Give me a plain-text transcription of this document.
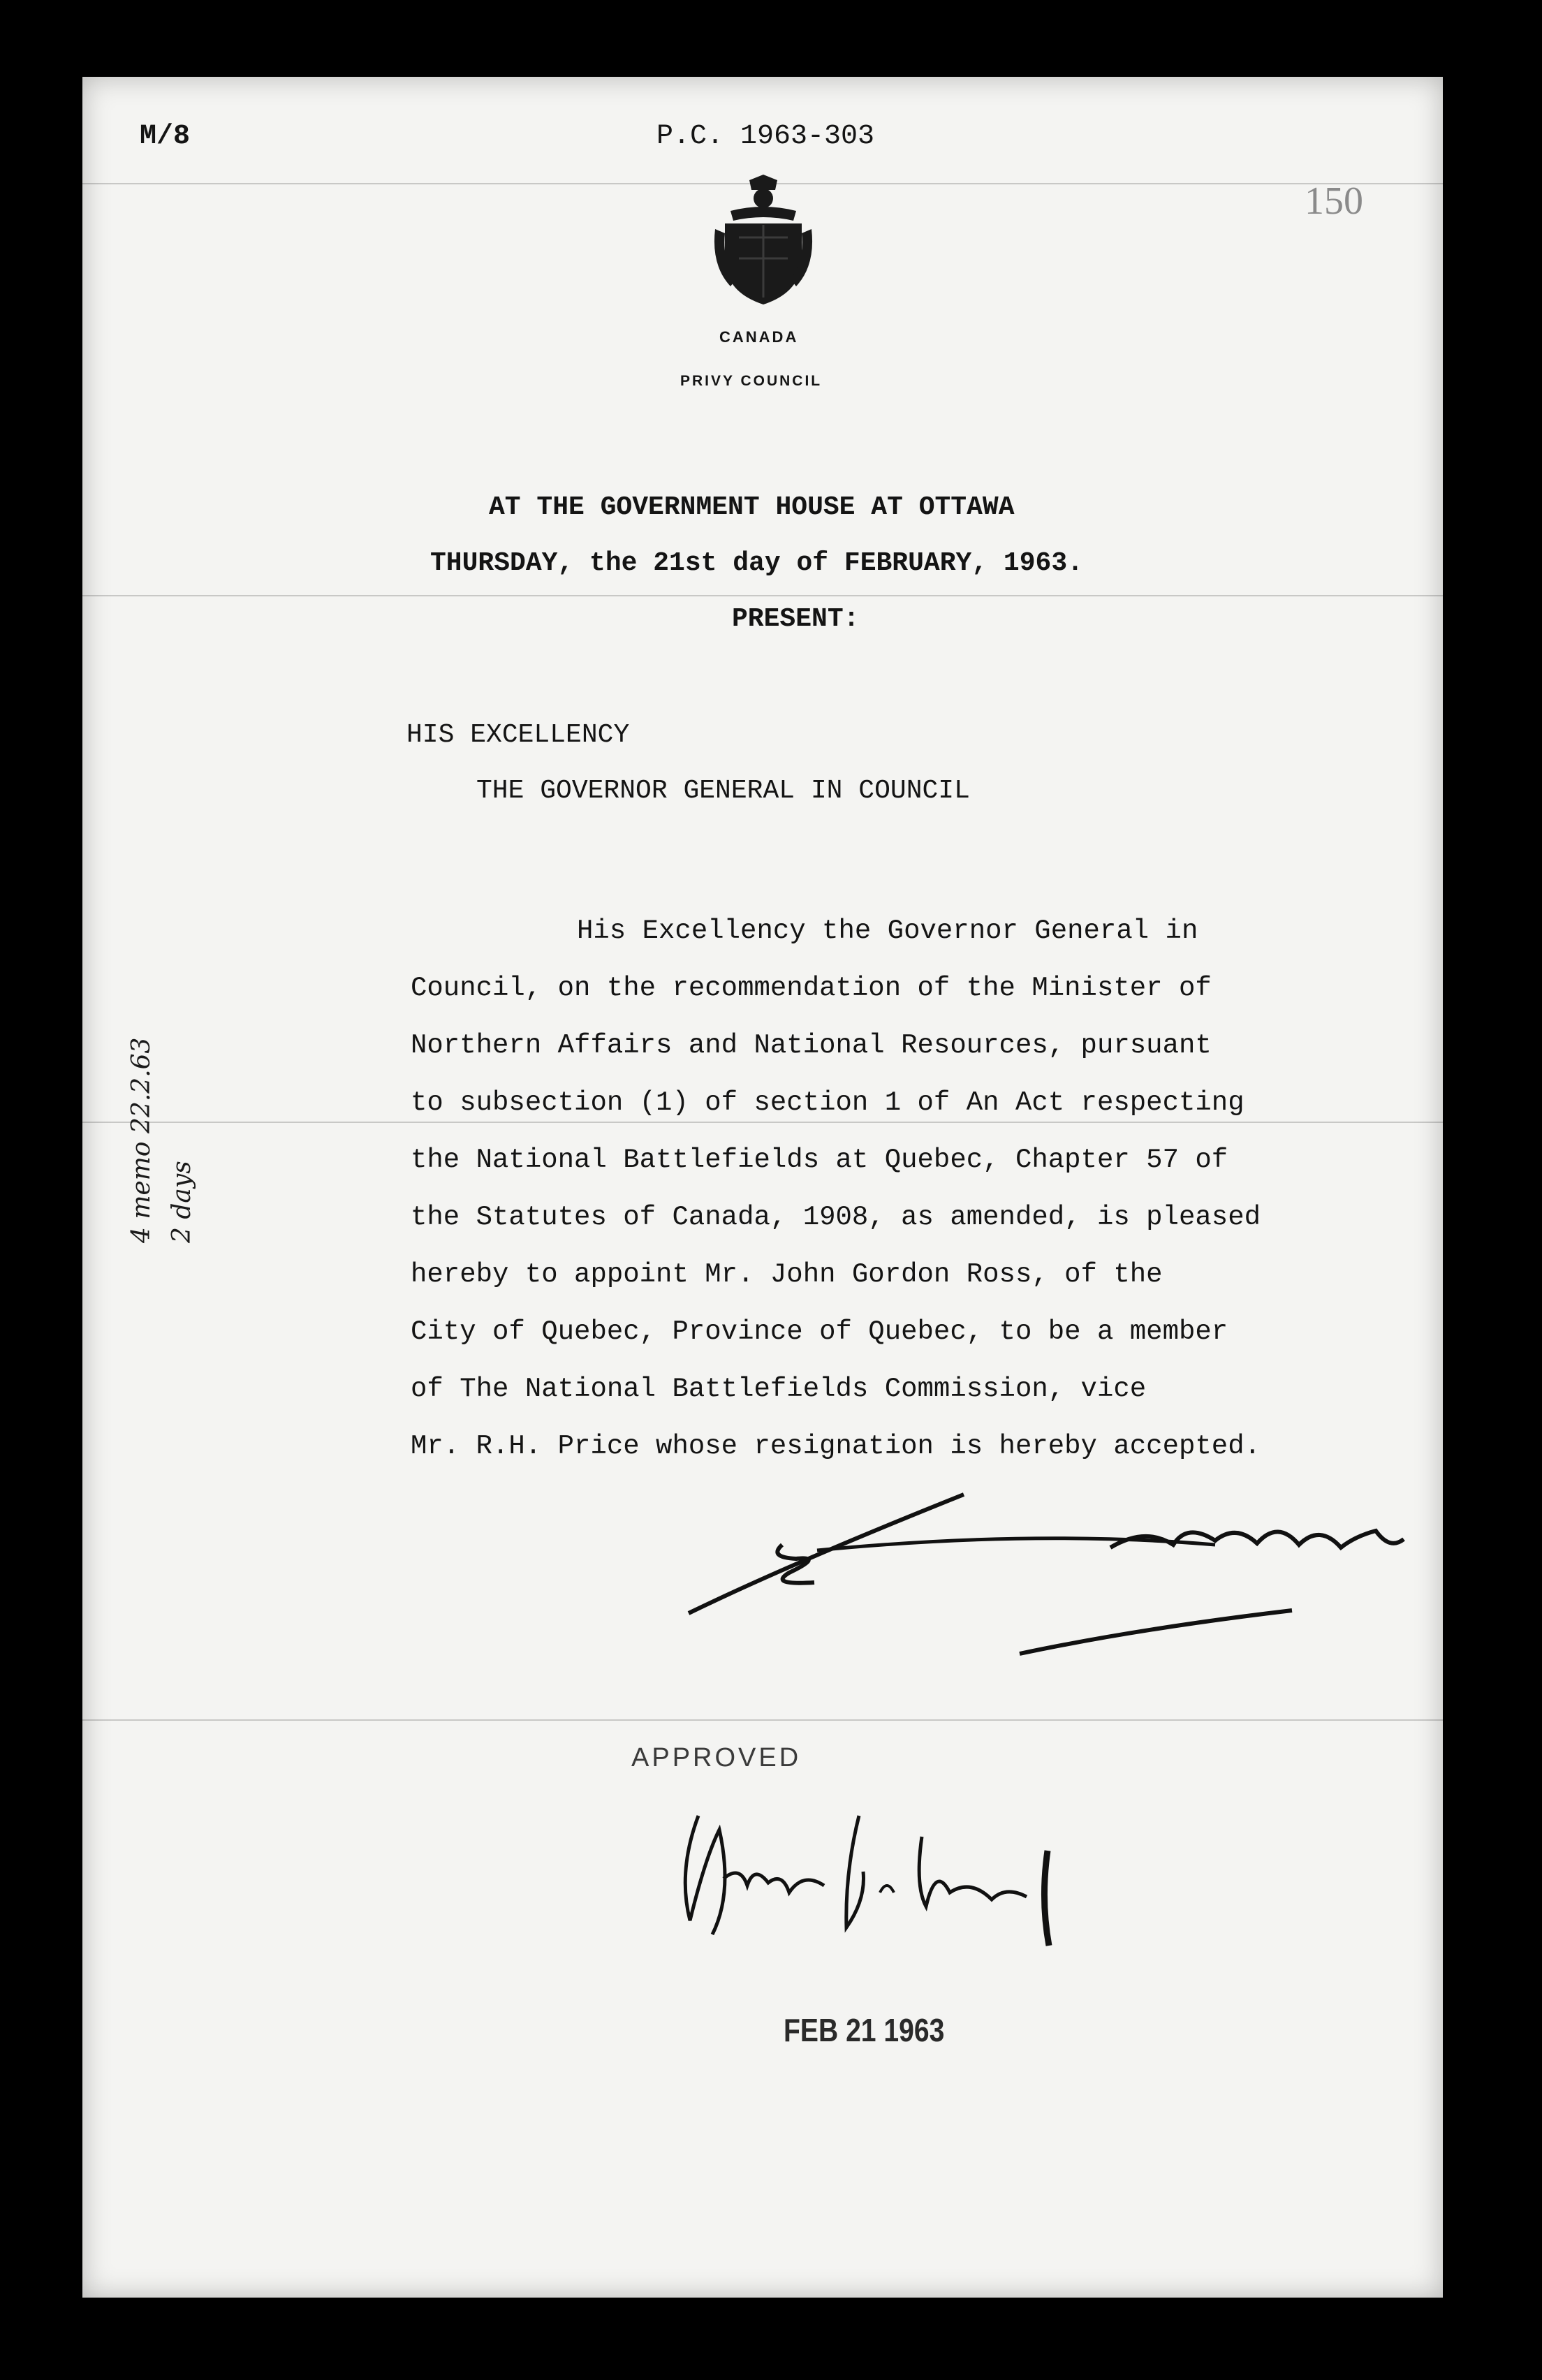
M/8	P.C. 1963-303
150
CANADA
PRIVY COUNCIL
AT THE GOVERNMENT HOUSE AT OTTAWA
THURSDAY, the 21st day of FEBRUARY, 1963.
PRESENT:
HIS EXCELLENCY
THE GOVERNOR GENERAL IN COUNCIL
His Excellency the Governor General in
Council, on the recommendation of the Minister of
Northern Affairs and National Resources, pursuant
to subsection (1) of section 1 of An Act respecting
the National Battlefields at Quebec, Chapter 57 of
the Statutes of Canada, 1908, as amended, is pleased
hereby to appoint Mr. John Gordon Ross, of the
City of Quebec, Province of Quebec, to be a member
of The National Battlefields Commission, vice
Mr. R.H. Price whose resignation is hereby accepted.
4 memo 22.2.63 2 days
APPROVED
FEB 21 1963
